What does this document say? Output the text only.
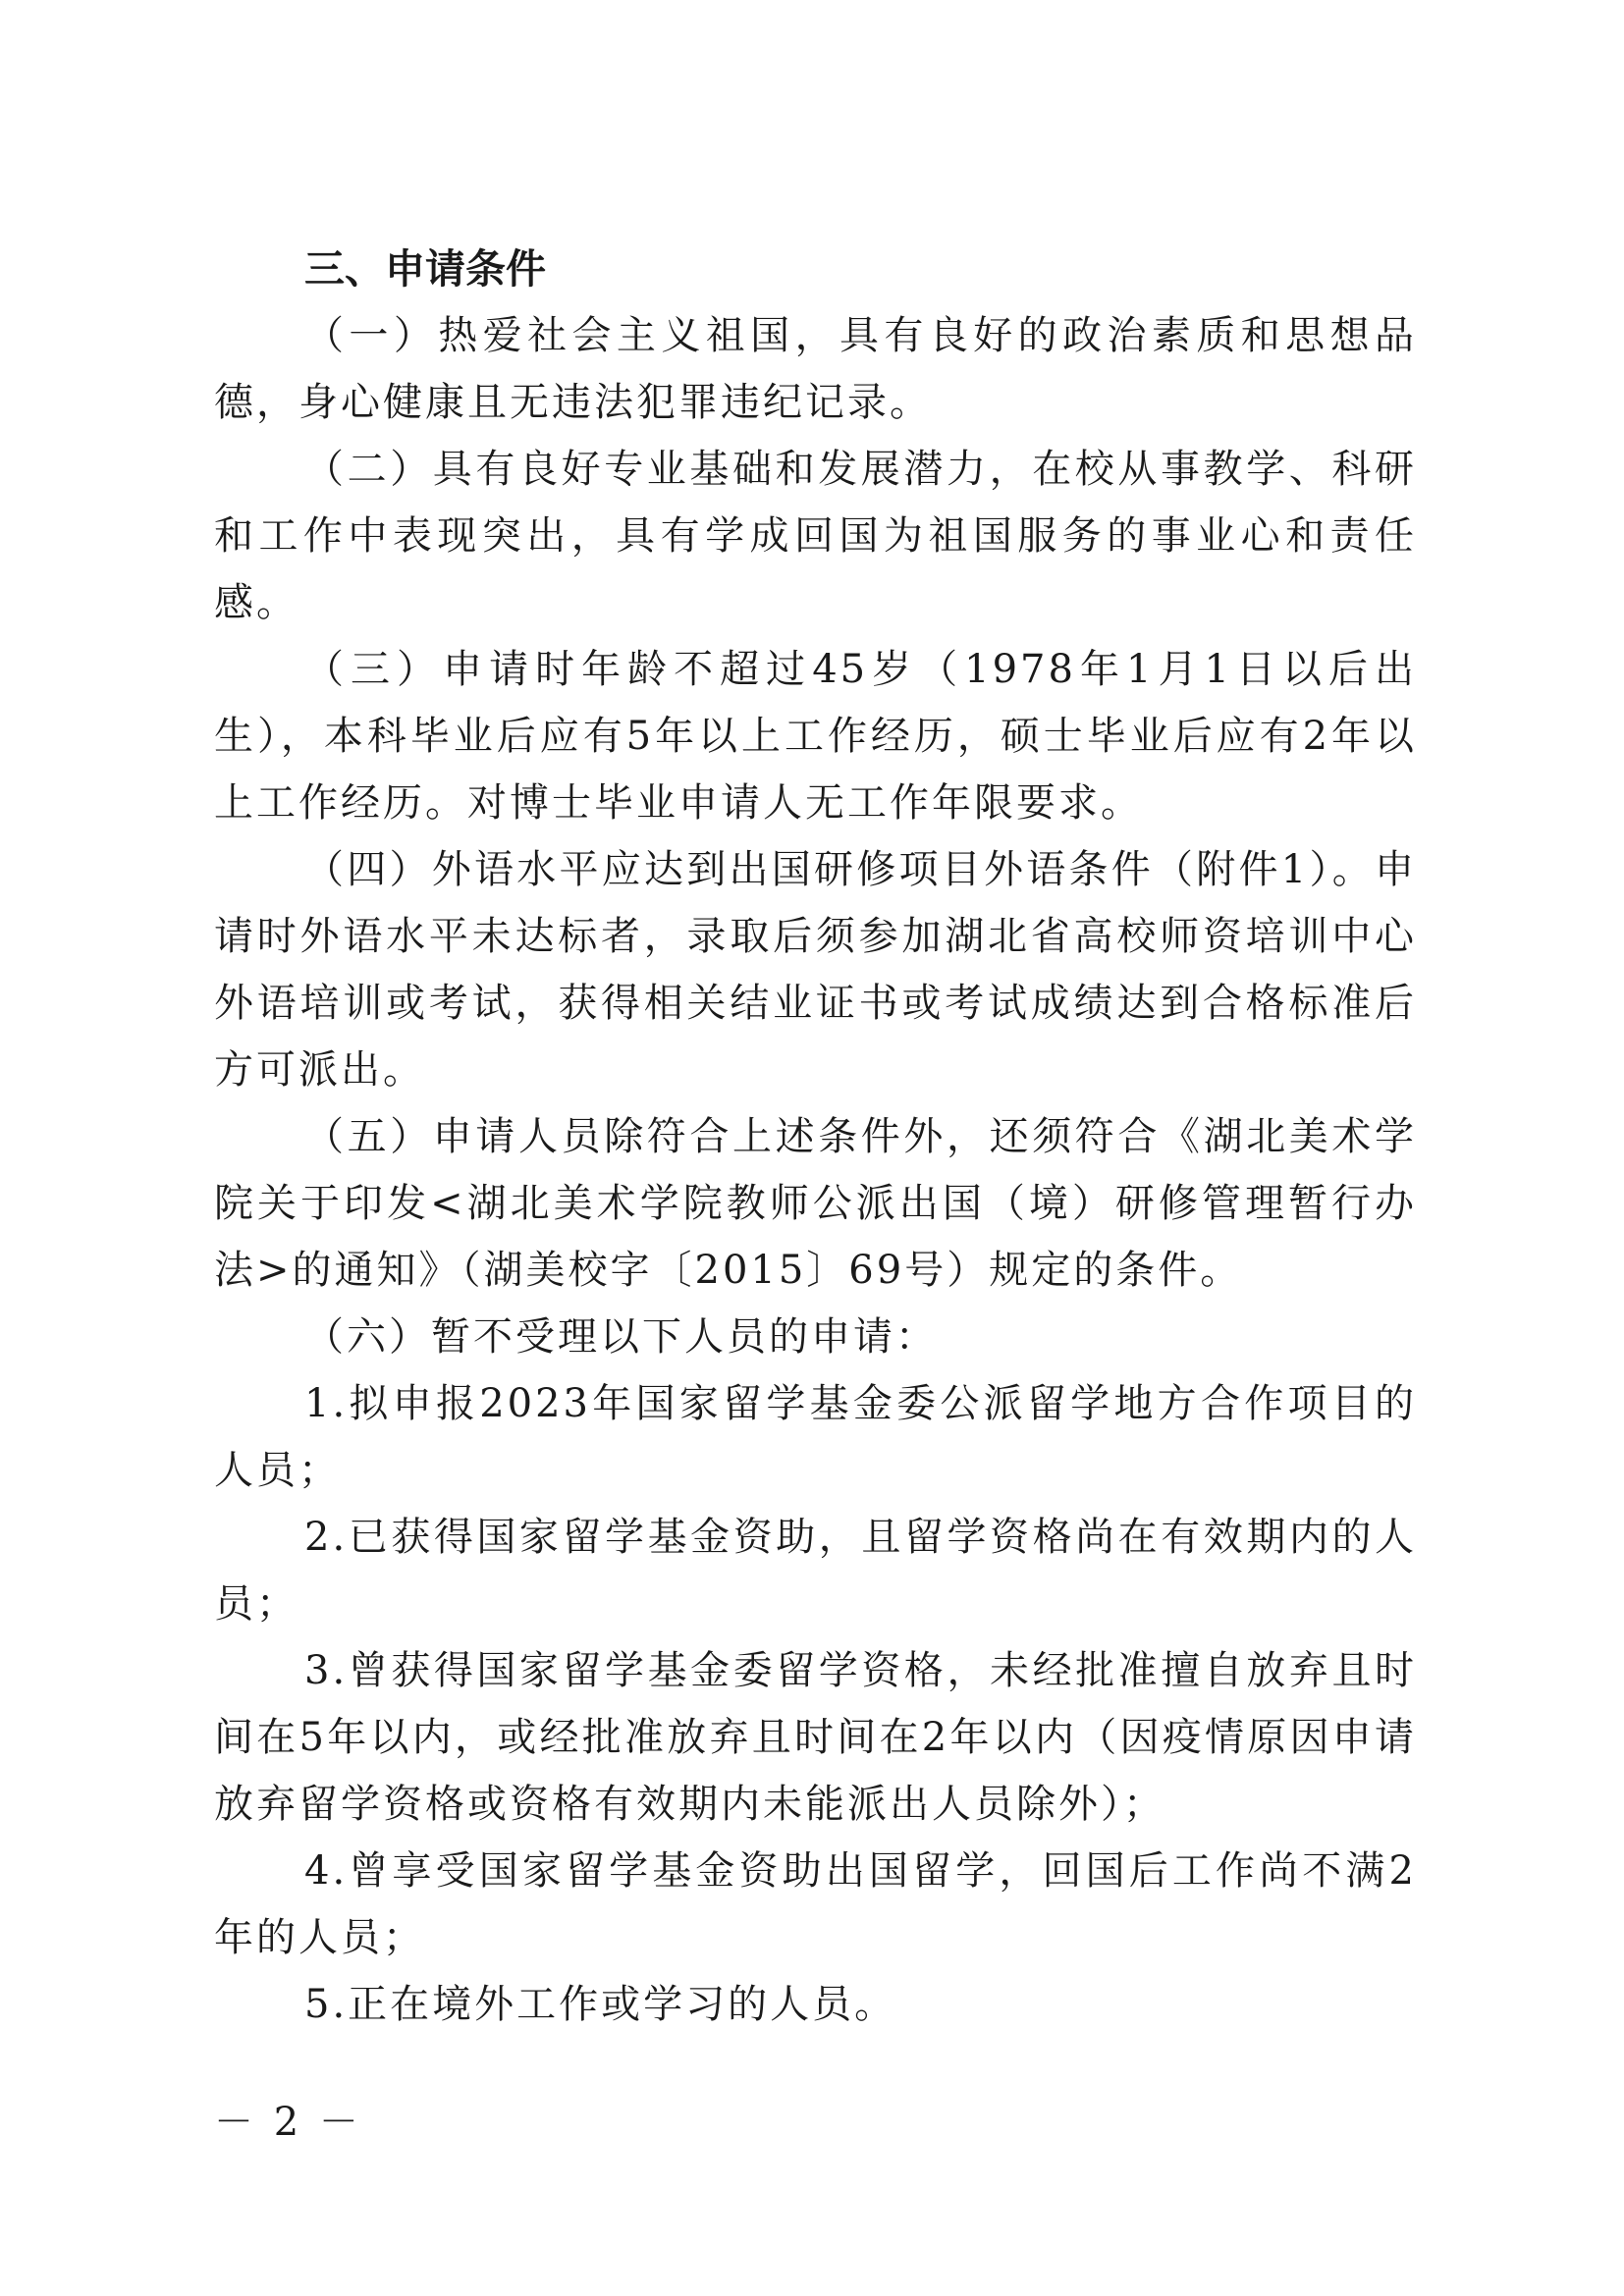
三、申请条件

（一）热爱社会主义祖国，具有良好的政治素质和思想品德，身心健康且无违法犯罪违纪记录。

（二）具有良好专业基础和发展潜力，在校从事教学、科研和工作中表现突出，具有学成回国为祖国服务的事业心和责任感。

（三）申请时年龄不超过45岁（1978年1月1日以后出生），本科毕业后应有5年以上工作经历，硕士毕业后应有2年以上工作经历。对博士毕业申请人无工作年限要求。

（四）外语水平应达到出国研修项目外语条件（附件1）。申请时外语水平未达标者，录取后须参加湖北省高校师资培训中心外语培训或考试，获得相关结业证书或考试成绩达到合格标准后方可派出。

（五）申请人员除符合上述条件外，还须符合《湖北美术学院关于印发<湖北美术学院教师公派出国（境）研修管理暂行办法>的通知》（湖美校字〔2015〕69号）规定的条件。

（六）暂不受理以下人员的申请：

1.拟申报2023年国家留学基金委公派留学地方合作项目的人员；

2.已获得国家留学基金资助，且留学资格尚在有效期内的人员；

3.曾获得国家留学基金委留学资格，未经批准擅自放弃且时间在5年以内，或经批准放弃且时间在2年以内（因疫情原因申请放弃留学资格或资格有效期内未能派出人员除外）；

4.曾享受国家留学基金资助出国留学，回国后工作尚不满2年的人员；

5.正在境外工作或学习的人员。

－ 2 －
